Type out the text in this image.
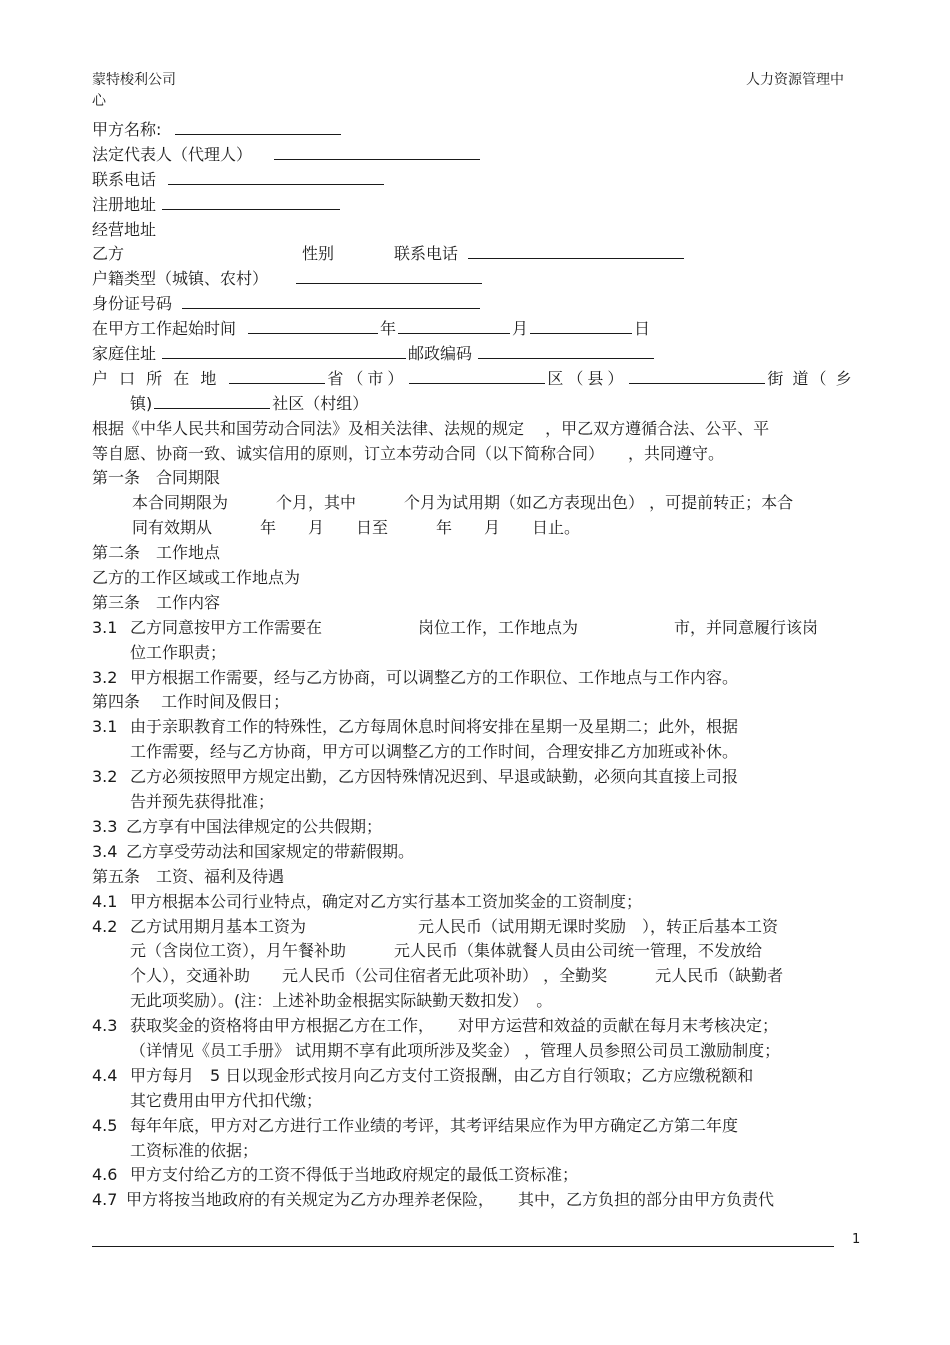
蒙特梭利公司
心
人力资源管理中
甲方名称:
法定代表人（代理人）
联系电话
注册地址
经营地址
乙方	性别	联系电话
户籍类型（城镇、农村）
身份证号码
在甲方工作起始时间	年	月	日
家庭住址	邮政编码
户 口 所 在 地	省（市）	区（县）	街 道（ 乡
镇)	社区（村组）
根据《中华人民共和国劳动合同法》及相关法律、法规的规定　 ，甲乙双方遵循合法、公平、平
等自愿、协商一致、诚实信用的原则，订立本劳动合同（以下简称合同）　　，共同遵守。
第一条　合同期限
本合同期限为　　　个月，其中　　　个月为试用期（如乙方表现出色） ，可提前转正；本合
同有效期从　　　年　　月　　日至　　　年　　月　　日止。
第二条　工作地点
乙方的工作区域或工作地点为
第三条　工作内容
3.1 乙方同意按甲方工作需要在　　　　　　岗位工作，工作地点为　　　　　　市，并同意履行该岗
位工作职责；
3.2 甲方根据工作需要，经与乙方协商，可以调整乙方的工作职位、工作地点与工作内容。
第四条　 工作时间及假日；
3.1 由于亲职教育工作的特殊性，乙方每周休息时间将安排在星期一及星期二；此外，根据
工作需要，经与乙方协商，甲方可以调整乙方的工作时间，合理安排乙方加班或补休。
3.2 乙方必须按照甲方规定出勤，乙方因特殊情况迟到、早退或缺勤，必须向其直接上司报
告并预先获得批准；
3.3 乙方享有中国法律规定的公共假期；
3.4 乙方享受劳动法和国家规定的带薪假期。
第五条　工资、福利及待遇
4.1 甲方根据本公司行业特点，确定对乙方实行基本工资加奖金的工资制度；
4.2 乙方试用期月基本工资为　　　　　　　元人民币（试用期无课时奖励　），转正后基本工资
元（含岗位工资），月午餐补助　　　元人民币（集体就餐人员由公司统一管理，不发放给
个人），交通补助　　元人民币（公司住宿者无此项补助） ，全勤奖　　　元人民币（缺勤者
无此项奖励）。(注：上述补助金根据实际缺勤天数扣发）　。
4.3 获取奖金的资格将由甲方根据乙方在工作，　　对甲方运营和效益的贡献在每月末考核决定；
（详情见《员工手册》 试用期不享有此项所涉及奖金） ，管理人员参照公司员工激励制度；
4.4 甲方每月　5 日以现金形式按月向乙方支付工资报酬，由乙方自行领取；乙方应缴税额和
其它费用由甲方代扣代缴；
4.5 每年年底，甲方对乙方进行工作业绩的考评，其考评结果应作为甲方确定乙方第二年度
工资标准的依据；
4.6 甲方支付给乙方的工资不得低于当地政府规定的最低工资标准；
4.7 甲方将按当地政府的有关规定为乙方办理养老保险，　　其中，乙方负担的部分由甲方负责代
1
